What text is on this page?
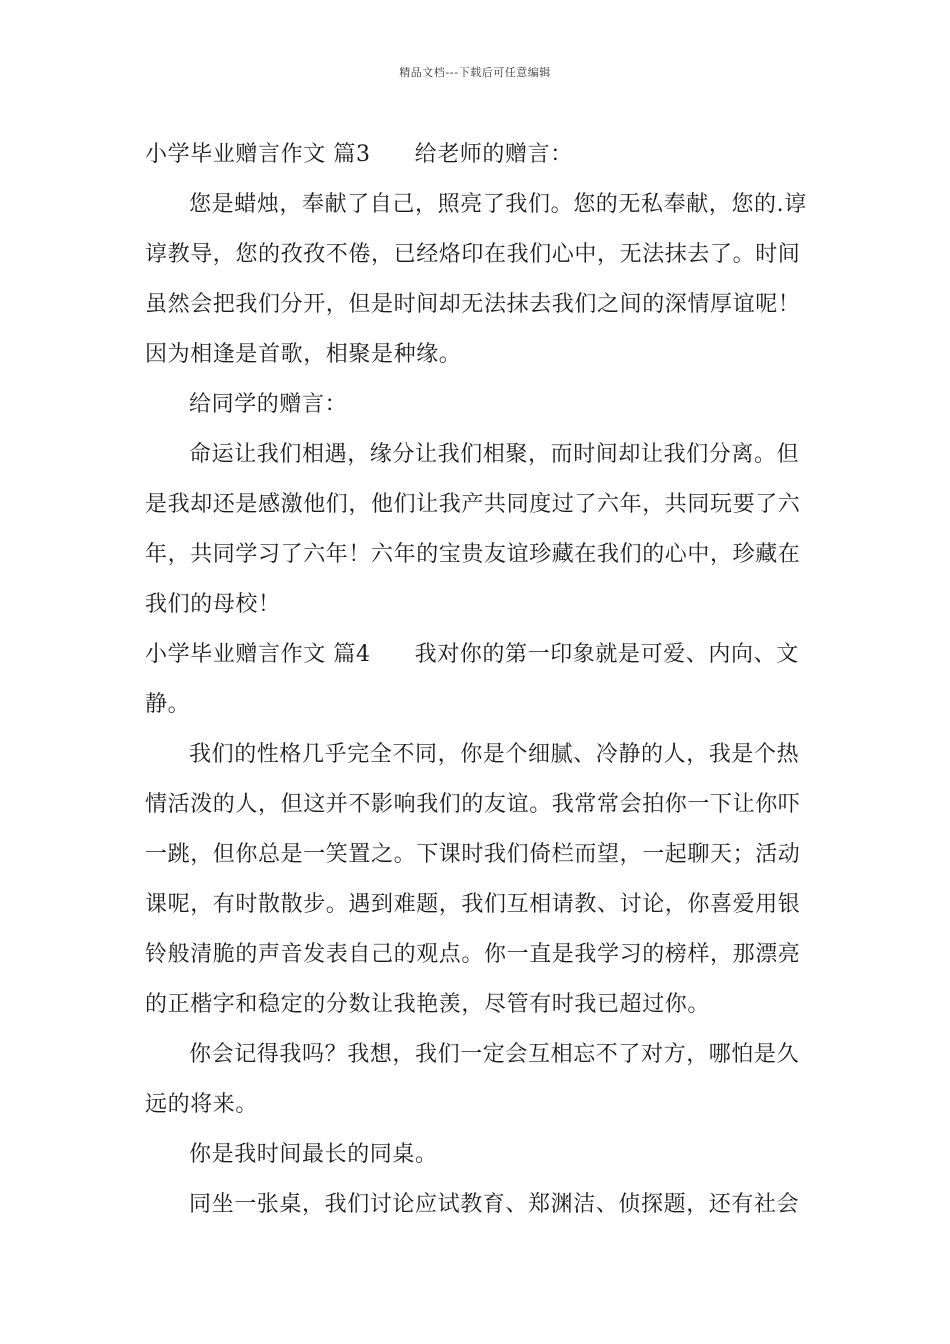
精品文档---下载后可任意编辑
小学毕业赠言作文 篇3 给老师的赠言：
您是蜡烛，奉献了自己，照亮了我们。您的无私奉献，您的.谆
谆教导，您的孜孜不倦，已经烙印在我们心中，无法抹去了。时间
虽然会把我们分开，但是时间却无法抹去我们之间的深情厚谊呢！
因为相逢是首歌，相聚是种缘。
给同学的赠言：
命运让我们相遇，缘分让我们相聚，而时间却让我们分离。但
是我却还是感激他们，他们让我产共同度过了六年，共同玩要了六
年，共同学习了六年！六年的宝贵友谊珍藏在我们的心中，珍藏在
我们的母校！
小学毕业赠言作文 篇4 我对你的第一印象就是可爱、内向、文
静。
我们的性格几乎完全不同，你是个细腻、冷静的人，我是个热
情活泼的人，但这并不影响我们的友谊。我常常会拍你一下让你吓
一跳，但你总是一笑置之。下课时我们倚栏而望，一起聊天；活动
课呢，有时散散步。遇到难题，我们互相请教、讨论，你喜爱用银
铃般清脆的声音发表自己的观点。你一直是我学习的榜样，那漂亮
的正楷字和稳定的分数让我艳羡，尽管有时我已超过你。
你会记得我吗？我想，我们一定会互相忘不了对方，哪怕是久
远的将来。
你是我时间最长的同桌。
同坐一张桌，我们讨论应试教育、郑渊洁、侦探题，还有社会
